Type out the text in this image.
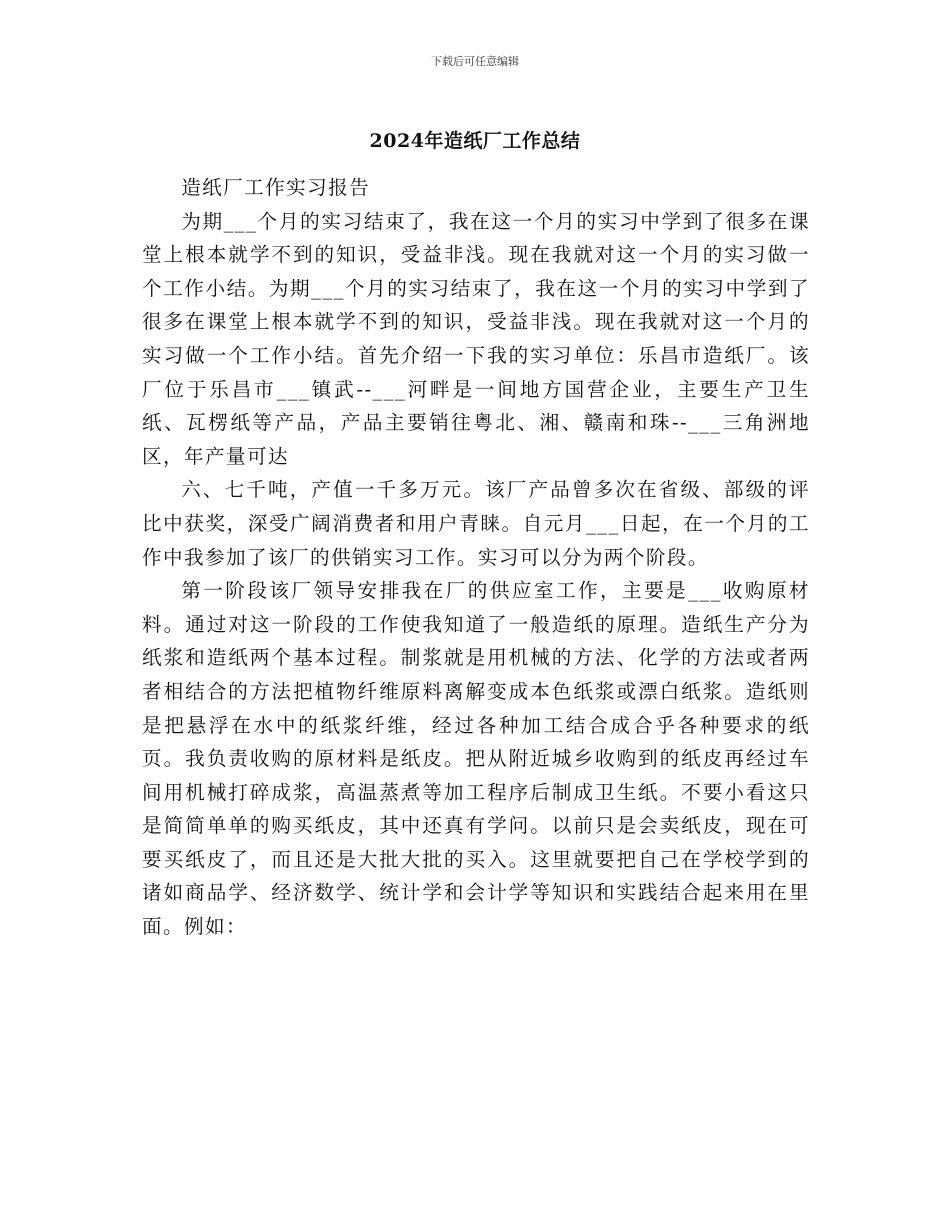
下载后可任意编辑
2024年造纸厂工作总结

造纸厂工作实习报告

为期___个月的实习结束了，我在这一个月的实习中学到了很多在课堂上根本就学不到的知识，受益非浅。现在我就对这一个月的实习做一个工作小结。为期___个月的实习结束了，我在这一个月的实习中学到了很多在课堂上根本就学不到的知识，受益非浅。现在我就对这一个月的实习做一个工作小结。首先介绍一下我的实习单位：乐昌市造纸厂。该厂位于乐昌市___镇武--___河畔是一间地方国营企业，主要生产卫生纸、瓦楞纸等产品，产品主要销往粤北、湘、赣南和珠--___三角洲地区，年产量可达

六、七千吨，产值一千多万元。该厂产品曾多次在省级、部级的评比中获奖，深受广阔消费者和用户青睐。自元月___日起，在一个月的工作中我参加了该厂的供销实习工作。实习可以分为两个阶段。

第一阶段该厂领导安排我在厂的供应室工作，主要是___收购原材料。通过对这一阶段的工作使我知道了一般造纸的原理。造纸生产分为纸浆和造纸两个基本过程。制浆就是用机械的方法、化学的方法或者两者相结合的方法把植物纤维原料离解变成本色纸浆或漂白纸浆。造纸则是把悬浮在水中的纸浆纤维，经过各种加工结合成合乎各种要求的纸页。我负责收购的原材料是纸皮。把从附近城乡收购到的纸皮再经过车间用机械打碎成浆，高温蒸煮等加工程序后制成卫生纸。不要小看这只是简简单单的购买纸皮，其中还真有学问。以前只是会卖纸皮，现在可要买纸皮了，而且还是大批大批的买入。这里就要把自己在学校学到的诸如商品学、经济数学、统计学和会计学等知识和实践结合起来用在里面。例如：
